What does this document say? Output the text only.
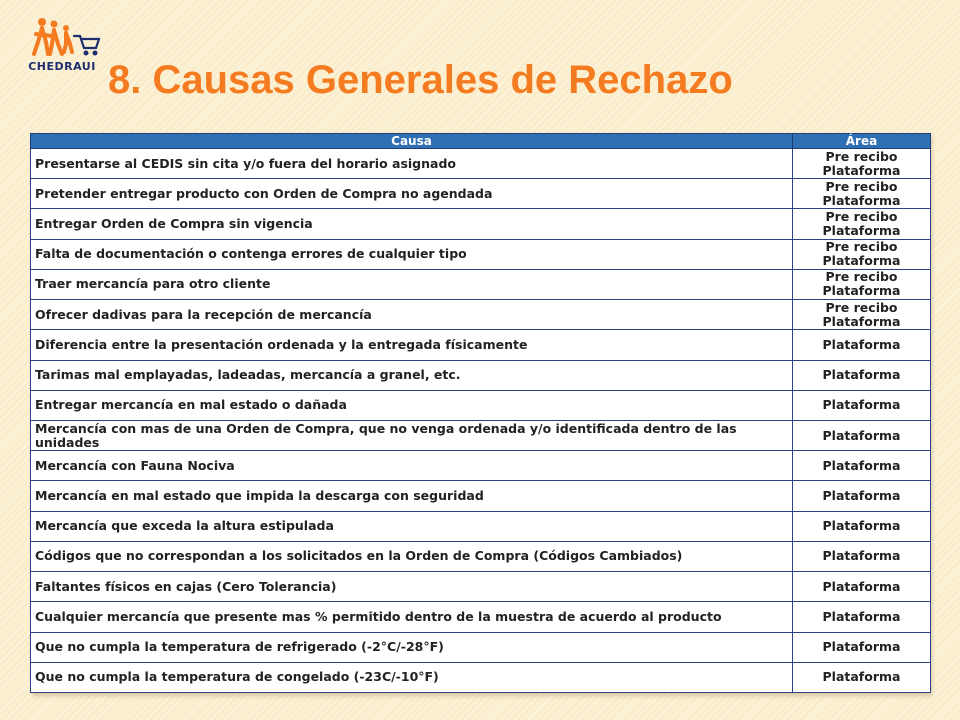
CHEDRAUI 8. Causas Generales de Rechazo
Causa	Área
Presentarse al CEDIS sin cita y/o fuera del horario asignado	Pre recibo
Plataforma

Pretender entregar producto con Orden de Compra no agendada	Pre recibo
Plataforma

Entregar Orden de Compra sin vigencia	Pre recibo
Plataforma

Falta de documentación o contenga errores de cualquier tipo	Pre recibo
Plataforma

Traer mercancía para otro cliente	Pre recibo
Plataforma

Ofrecer dadivas para la recepción de mercancía	Pre recibo
Plataforma

Diferencia entre la presentación ordenada y la entregada físicamente	Plataforma

Tarimas mal emplayadas, ladeadas, mercancía a granel, etc.	Plataforma

Entregar mercancía en mal estado o dañada	Plataforma

Mercancía con mas de una Orden de Compra, que no venga ordenada y/o identificada dentro de las unidades	Plataforma

Mercancía con Fauna Nociva	Plataforma

Mercancía en mal estado que impida la descarga con seguridad	Plataforma

Mercancía que exceda la altura estipulada	Plataforma

Códigos que no correspondan a los solicitados en la Orden de Compra (Códigos Cambiados)	Plataforma

Faltantes físicos en cajas (Cero Tolerancia)	Plataforma

Cualquier mercancía que presente mas % permitido dentro de la muestra de acuerdo al producto	Plataforma

Que no cumpla la temperatura de refrigerado (-2°C/-28°F)	Plataforma

Que no cumpla la temperatura de congelado (-23C/-10°F)	Plataforma
